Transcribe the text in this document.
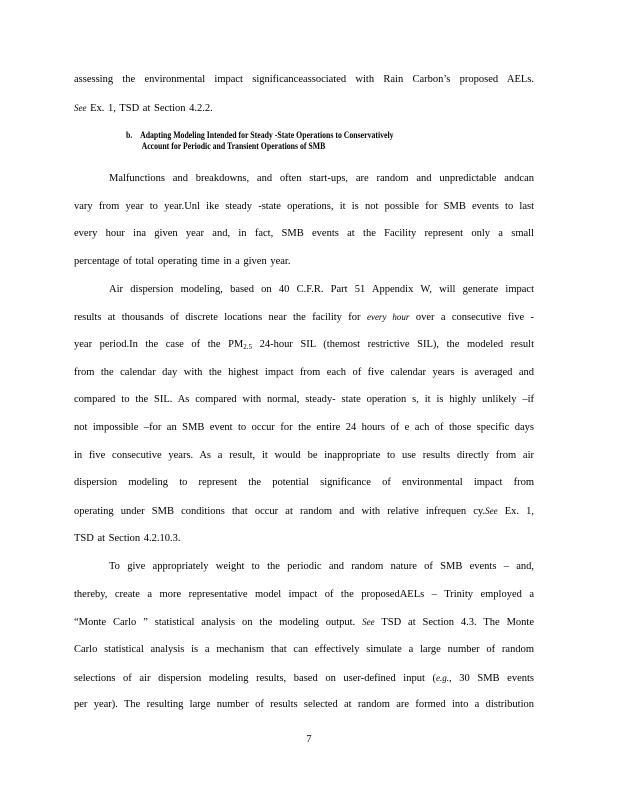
assessing the environmental impact significanceassociated with Rain Carbon’s proposed AELs.
See Ex. 1, TSD at Section 4.2.2.
b. Adapting Modeling Intended for Steady -State Operations to Conservatively
Account for Periodic and Transient Operations of SMB
Malfunctions and breakdowns, and often start-ups, are random and unpredictable andcan
vary from year to year.Unl ike steady -state operations, it is not possible for SMB events to last
every hour ina given year and, in fact, SMB events at the Facility represent only a small
percentage of total operating time in a given year.
Air dispersion modeling, based on 40 C.F.R. Part 51 Appendix W, will generate impact
results at thousands of discrete locations near the facility for every hour over a consecutive five -
year period.In the case of the $PM_{2.5}$ 24-hour SIL (themost restrictive SIL), the modeled result
from the calendar day with the highest impact from each of five calendar years is averaged and
compared to the SIL. As compared with normal, steady- state operation s, it is highly unlikely –if
not impossible –for an SMB event to occur for the entire 24 hours of e ach of those specific days
in five consecutive years. As a result, it would be inappropriate to use results directly from air
dispersion modeling to represent the potential significance of environmental impact from
operating under SMB conditions that occur at random and with relative infrequen cy.See Ex. 1,
TSD at Section 4.2.10.3.
To give appropriately weight to the periodic and random nature of SMB events – and,
thereby, create a more representative model impact of the proposedAELs – Trinity employed a
“Monte Carlo ” statistical analysis on the modeling output. See TSD at Section 4.3. The Monte
Carlo statistical analysis is a mechanism that can effectively simulate a large number of random
selections of air dispersion modeling results, based on user-defined input (e.g., 30 SMB events
per year). The resulting large number of results selected at random are formed into a distribution
7
